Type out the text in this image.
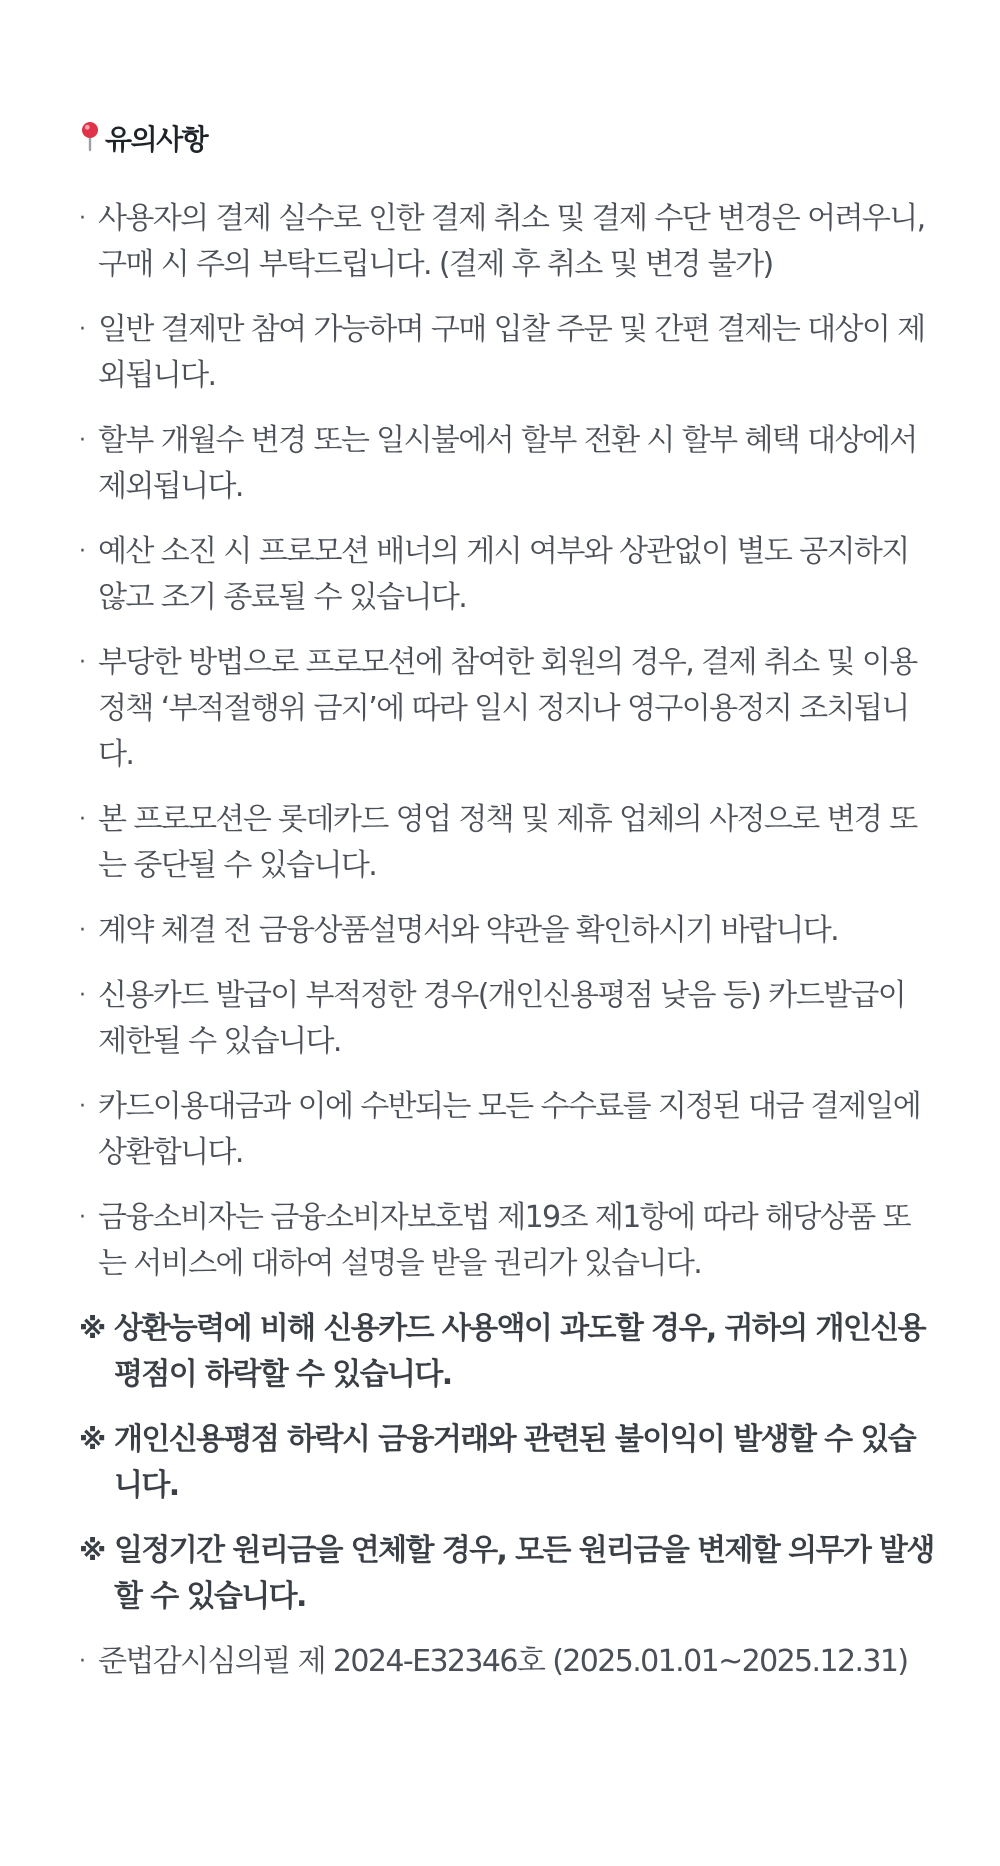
유의사항
· 사용자의 결제 실수로 인한 결제 취소 및 결제 수단 변경은 어려우니, 구매 시 주의 부탁드립니다. (결제 후 취소 및 변경 불가)
· 일반 결제만 참여 가능하며 구매 입찰 주문 및 간편 결제는 대상이 제외됩니다.
· 할부 개월수 변경 또는 일시불에서 할부 전환 시 할부 혜택 대상에서 제외됩니다.
· 예산 소진 시 프로모션 배너의 게시 여부와 상관없이 별도 공지하지 않고 조기 종료될 수 있습니다.
· 부당한 방법으로 프로모션에 참여한 회원의 경우, 결제 취소 및 이용정책 ‘부적절행위 금지’에 따라 일시 정지나 영구이용정지 조치됩니다.
· 본 프로모션은 롯데카드 영업 정책 및 제휴 업체의 사정으로 변경 또는 중단될 수 있습니다.
· 계약 체결 전 금융상품설명서와 약관을 확인하시기 바랍니다.
· 신용카드 발급이 부적정한 경우(개인신용평점 낮음 등) 카드발급이 제한될 수 있습니다.
· 카드이용대금과 이에 수반되는 모든 수수료를 지정된 대금 결제일에 상환합니다.
· 금융소비자는 금융소비자보호법 제19조 제1항에 따라 해당상품 또는 서비스에 대하여 설명을 받을 권리가 있습니다.
※ 상환능력에 비해 신용카드 사용액이 과도할 경우, 귀하의 개인신용평점이 하락할 수 있습니다.
※ 개인신용평점 하락시 금융거래와 관련된 불이익이 발생할 수 있습니다.
※ 일정기간 원리금을 연체할 경우, 모든 원리금을 변제할 의무가 발생할 수 있습니다.
· 준법감시심의필 제 2024-E32346호 (2025.01.01~2025.12.31)
